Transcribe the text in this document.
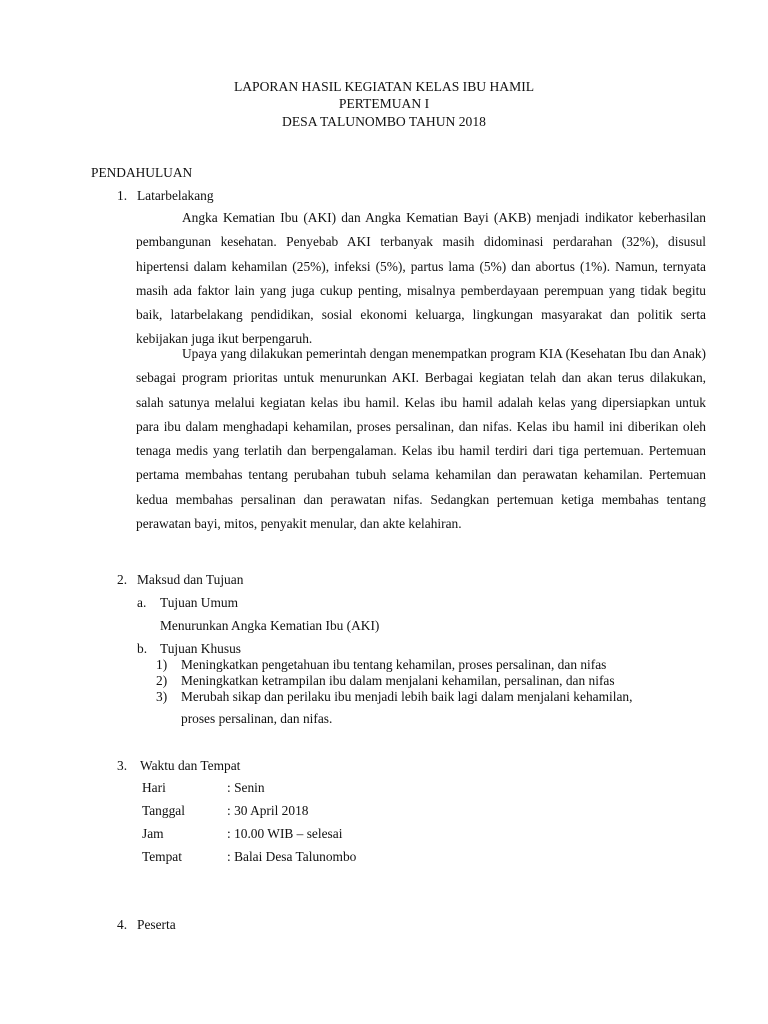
LAPORAN HASIL KEGIATAN KELAS IBU HAMIL
PERTEMUAN I
DESA TALUNOMBO TAHUN 2018
PENDAHULUAN
1. Latarbelakang
Angka Kematian Ibu (AKI) dan Angka Kematian Bayi (AKB) menjadi indikator keberhasilan pembangunan kesehatan. Penyebab AKI terbanyak masih didominasi perdarahan (32%), disusul hipertensi dalam kehamilan (25%), infeksi (5%), partus lama (5%) dan abortus (1%). Namun, ternyata masih ada faktor lain yang juga cukup penting, misalnya pemberdayaan perempuan yang tidak begitu baik, latarbelakang pendidikan, sosial ekonomi keluarga, lingkungan masyarakat dan politik serta kebijakan juga ikut berpengaruh.
Upaya yang dilakukan pemerintah dengan menempatkan program KIA (Kesehatan Ibu dan Anak) sebagai program prioritas untuk menurunkan AKI. Berbagai kegiatan telah dan akan terus dilakukan, salah satunya melalui kegiatan kelas ibu hamil. Kelas ibu hamil adalah kelas yang dipersiapkan untuk para ibu dalam menghadapi kehamilan, proses persalinan, dan nifas. Kelas ibu hamil ini diberikan oleh tenaga medis yang terlatih dan berpengalaman. Kelas ibu hamil terdiri dari tiga pertemuan. Pertemuan pertama membahas tentang perubahan tubuh selama kehamilan dan perawatan kehamilan. Pertemuan kedua membahas persalinan dan perawatan nifas. Sedangkan pertemuan ketiga membahas tentang perawatan bayi, mitos, penyakit menular, dan akte kelahiran.
2. Maksud dan Tujuan
a. Tujuan Umum
Menurunkan Angka Kematian Ibu (AKI)
b. Tujuan Khusus
1) Meningkatkan pengetahuan ibu tentang kehamilan, proses persalinan, dan nifas
2) Meningkatkan ketrampilan ibu dalam menjalani kehamilan, persalinan, dan nifas
3) Merubah sikap dan perilaku ibu menjadi lebih baik lagi dalam menjalani kehamilan,
proses persalinan, dan nifas.
3. Waktu dan Tempat
Hari	: Senin
Tanggal	: 30 April 2018
Jam	: 10.00 WIB – selesai
Tempat	: Balai Desa Talunombo
4. Peserta
